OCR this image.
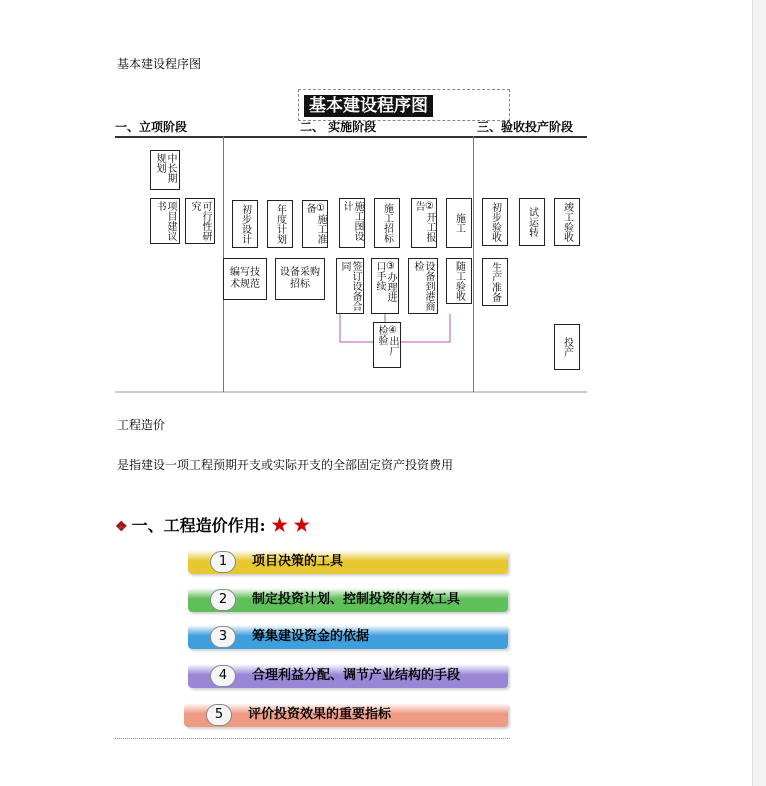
基本建设程序图
基本建设程序图
一、立项阶段	二、 实施阶段	三、验收投产阶段
中长期规划
项目建议书	可行性研究	初步设计	年度计划	①施工准备	施工图设计	施工招标	②开工报告
施工
编写技术规范
设备采购招标	签订设备合同	③办理进口手续	设备到港商检	随工验收
④出厂检验
初步验收	试运转	竣工验收
生产准备
投产
工程造价
是指建设一项工程预期开支或实际开支的全部固定资产投资费用
❖ 一、工程造价作用: ★ ★
1	项目决策的工具
2	制定投资计划、控制投资的有效工具
3	筹集建设资金的依据
4	合理利益分配、调节产业结构的手段
5	评价投资效果的重要指标
